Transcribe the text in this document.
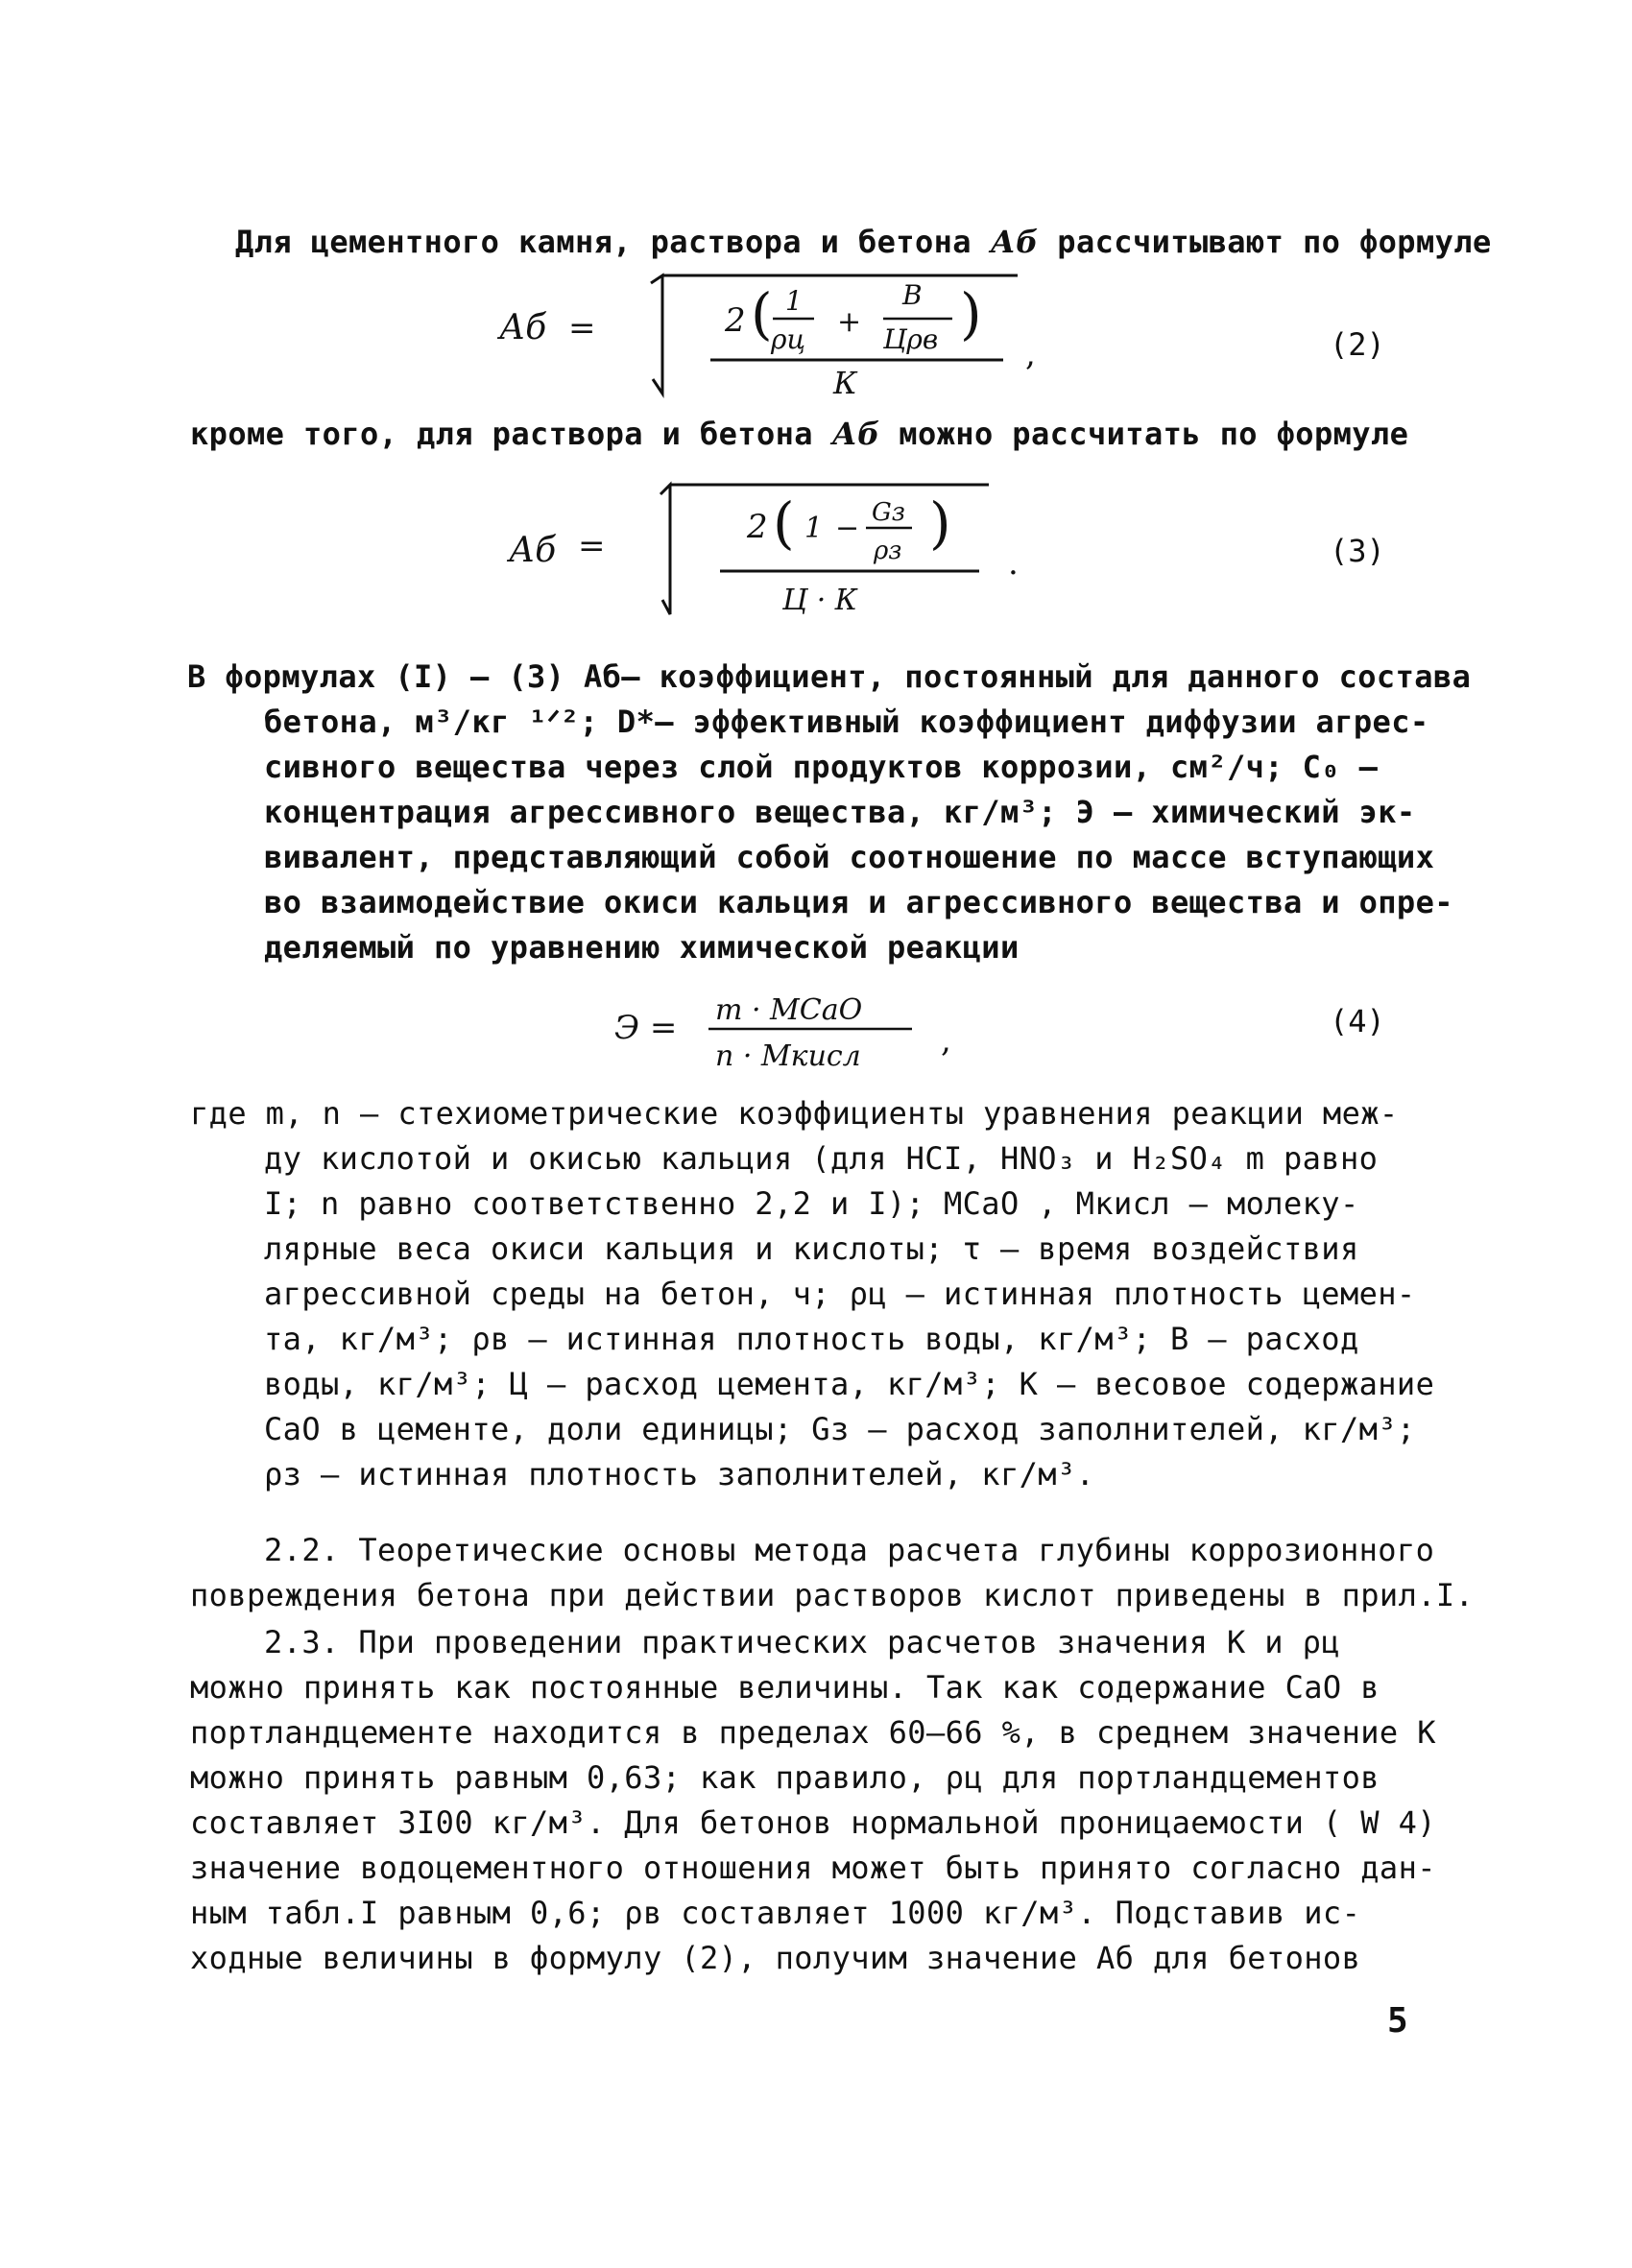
Для цементного камня, раствора и бетона Аб рассчитывают по формуле
Аб =	2 ( 1
ρц
+
В
Цρв )
К
,	(2)
кроме того, для раствора и бетона Аб можно рассчитать по формуле
Аб =	2 ( 1 − Gз
ρз )
Ц · К
.	(3)
В формулах (I) – (3) Аб– коэффициент, постоянный для данного состава
бетона, м³/кг ¹ᐟ²; D*– эффективный коэффициент диффузии агрес-
сивного вещества через слой продуктов коррозии, см²/ч; C₀ –
концентрация агрессивного вещества, кг/м³; Э – химический эк-
вивалент, представляющий собой соотношение по массе вступающих
во взаимодействие окиси кальция и агрессивного вещества и опре-
деляемый по уравнению химической реакции
Э = m · MCaO
n · Mкисл ,	(4)
где m, n – стехиометрические коэффициенты уравнения реакции меж-
ду кислотой и окисью кальция (для HCI, HNO₃ и H₂SO₄ m равно
I; n равно соответственно 2,2 и I); MCaO , Mкисл – молеку-
лярные веса окиси кальция и кислоты; τ – время воздействия
агрессивной среды на бетон, ч; ρц – истинная плотность цемен-
та, кг/м³; ρв – истинная плотность воды, кг/м³; В – расход
воды, кг/м³; Ц – расход цемента, кг/м³; К – весовое содержание
CaO в цементе, доли единицы; Gз – расход заполнителей, кг/м³;
ρз – истинная плотность заполнителей, кг/м³.
2.2. Теоретические основы метода расчета глубины коррозионного
повреждения бетона при действии растворов кислот приведены в прил.I.
2.3. При проведении практических расчетов значения К и ρц
можно принять как постоянные величины. Так как содержание CaO в
портландцементе находится в пределах 60–66 %, в среднем значение К
можно принять равным 0,63; как правило, ρц для портландцементов
составляет 3I00 кг/м³. Для бетонов нормальной проницаемости ( W 4)
значение водоцементного отношения может быть принято согласно дан-
ным табл.I равным 0,6; ρв составляет 1000 кг/м³. Подставив ис-
ходные величины в формулу (2), получим значение Аб для бетонов
5
